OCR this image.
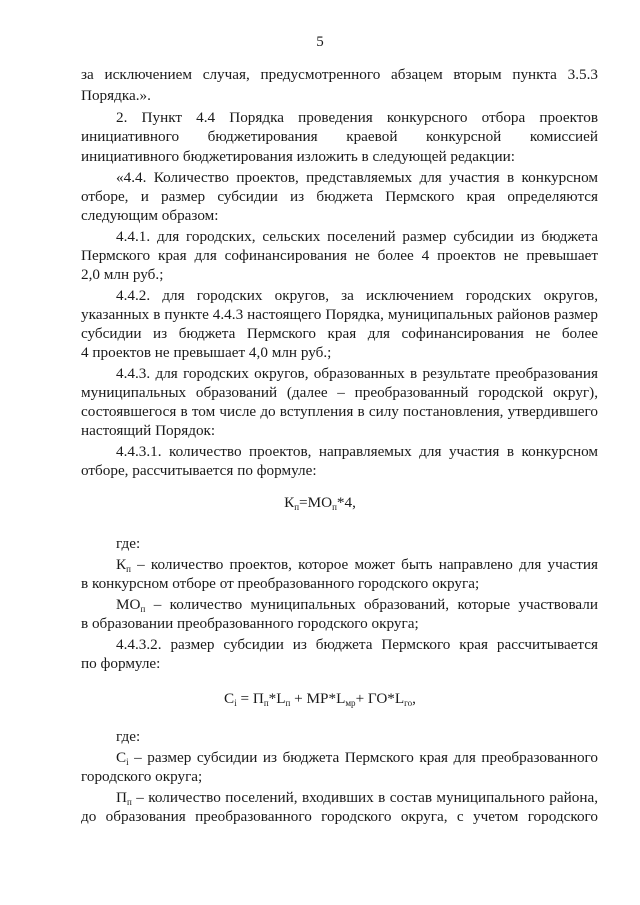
5
за исключением случая, предусмотренного абзацем вторым пункта 3.5.3
Порядка.».
2. Пункт 4.4 Порядка проведения конкурсного отбора проектов
инициативного бюджетирования краевой конкурсной комиссией
инициативного бюджетирования изложить в следующей редакции:
«4.4. Количество проектов, представляемых для участия в конкурсном
отборе, и размер субсидии из бюджета Пермского края определяются
следующим образом:
4.4.1. для городских, сельских поселений размер субсидии из бюджета
Пермского края для софинансирования не более 4 проектов не превышает
2,0 млн руб.;
4.4.2. для городских округов, за исключением городских округов,
указанных в пункте 4.4.3 настоящего Порядка, муниципальных районов размер
субсидии из бюджета Пермского края для софинансирования не более
4 проектов не превышает 4,0 млн руб.;
4.4.3. для городских округов, образованных в результате преобразования
муниципальных образований (далее – преобразованный городской округ),
состоявшегося в том числе до вступления в силу постановления, утвердившего
настоящий Порядок:
4.4.3.1. количество проектов, направляемых для участия в конкурсном
отборе, рассчитывается по формуле:
$К_п=МО_п*4$,
где:
$К_п$ – количество проектов, которое может быть направлено для участия
в конкурсном отборе от преобразованного городского округа;
$МО_п$ – количество муниципальных образований, которые участвовали
в образовании преобразованного городского округа;
4.4.3.2. размер субсидии из бюджета Пермского края рассчитывается
по формуле:
$С_i = П_п*L_п + МР*L_{мр}+ ГО*L_{го}$,
где:
$С_i$ – размер субсидии из бюджета Пермского края для преобразованного
городского округа;
$П_п$ – количество поселений, входивших в состав муниципального района,
до образования преобразованного городского округа, с учетом городского
